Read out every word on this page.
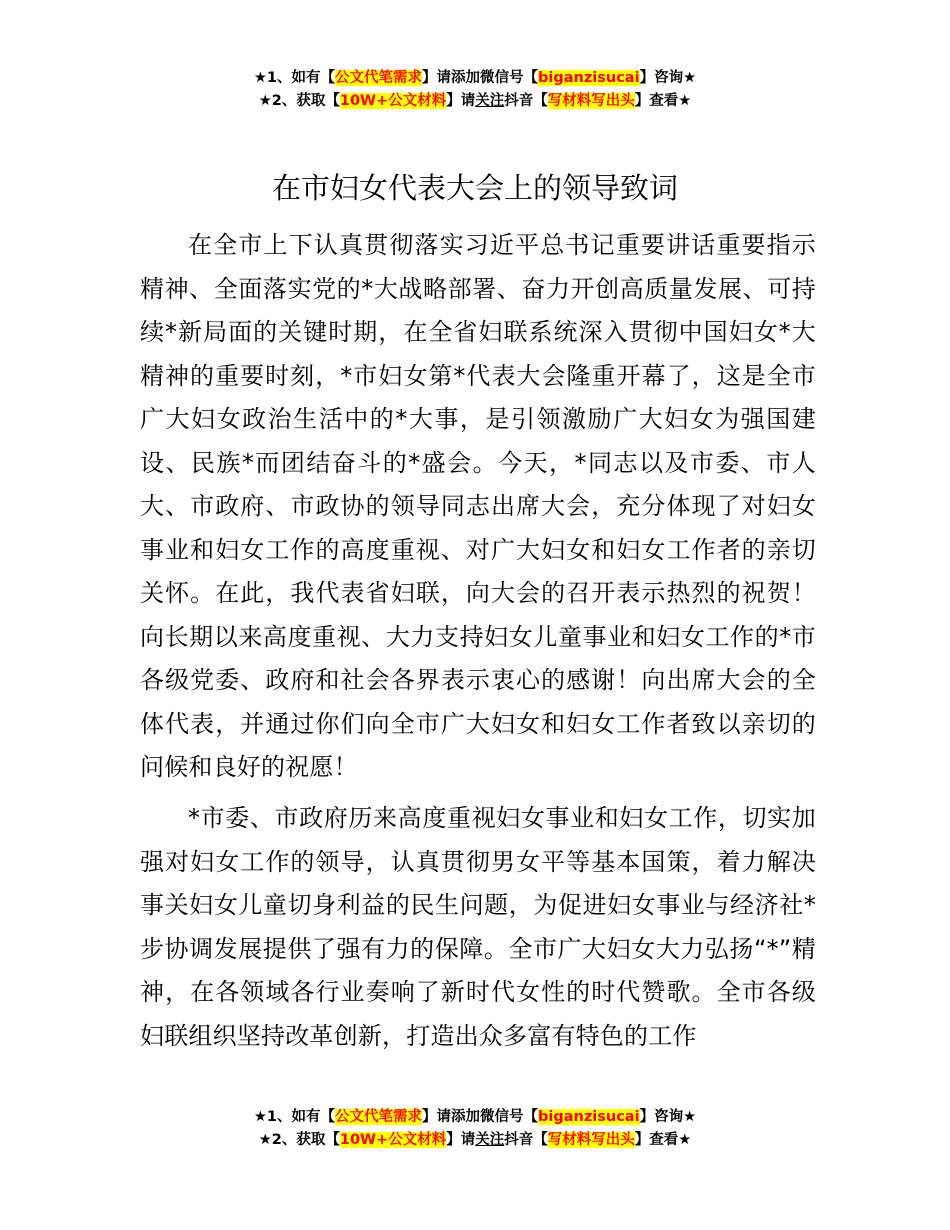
★1、如有【公文代笔需求】请添加微信号【biganzisucai】咨询★
★2、获取【10W+公文材料】请关注抖音【写材料写出头】查看★
在市妇女代表大会上的领导致词

在全市上下认真贯彻落实习近平总书记重要讲话重要指示精神、全面落实党的*大战略部署、奋力开创高质量发展、可持续*新局面的关键时期，在全省妇联系统深入贯彻中国妇女*大精神的重要时刻，*市妇女第*代表大会隆重开幕了，这是全市广大妇女政治生活中的*大事，是引领激励广大妇女为强国建设、民族*而团结奋斗的*盛会。今天，*同志以及市委、市人大、市政府、市政协的领导同志出席大会，充分体现了对妇女事业和妇女工作的高度重视、对广大妇女和妇女工作者的亲切关怀。在此，我代表省妇联，向大会的召开表示热烈的祝贺！向长期以来高度重视、大力支持妇女儿童事业和妇女工作的*市各级党委、政府和社会各界表示衷心的感谢！向出席大会的全体代表，并通过你们向全市广大妇女和妇女工作者致以亲切的问候和良好的祝愿！

*市委、市政府历来高度重视妇女事业和妇女工作，切实加强对妇女工作的领导，认真贯彻男女平等基本国策，着力解决事关妇女儿童切身利益的民生问题，为促进妇女事业与经济社*步协调发展提供了强有力的保障。全市广大妇女大力弘扬“*”精神，在各领域各行业奏响了新时代女性的时代赞歌。全市各级妇联组织坚持改革创新，打造出众多富有特色的工作

★1、如有【公文代笔需求】请添加微信号【biganzisucai】咨询★
★2、获取【10W+公文材料】请关注抖音【写材料写出头】查看★
